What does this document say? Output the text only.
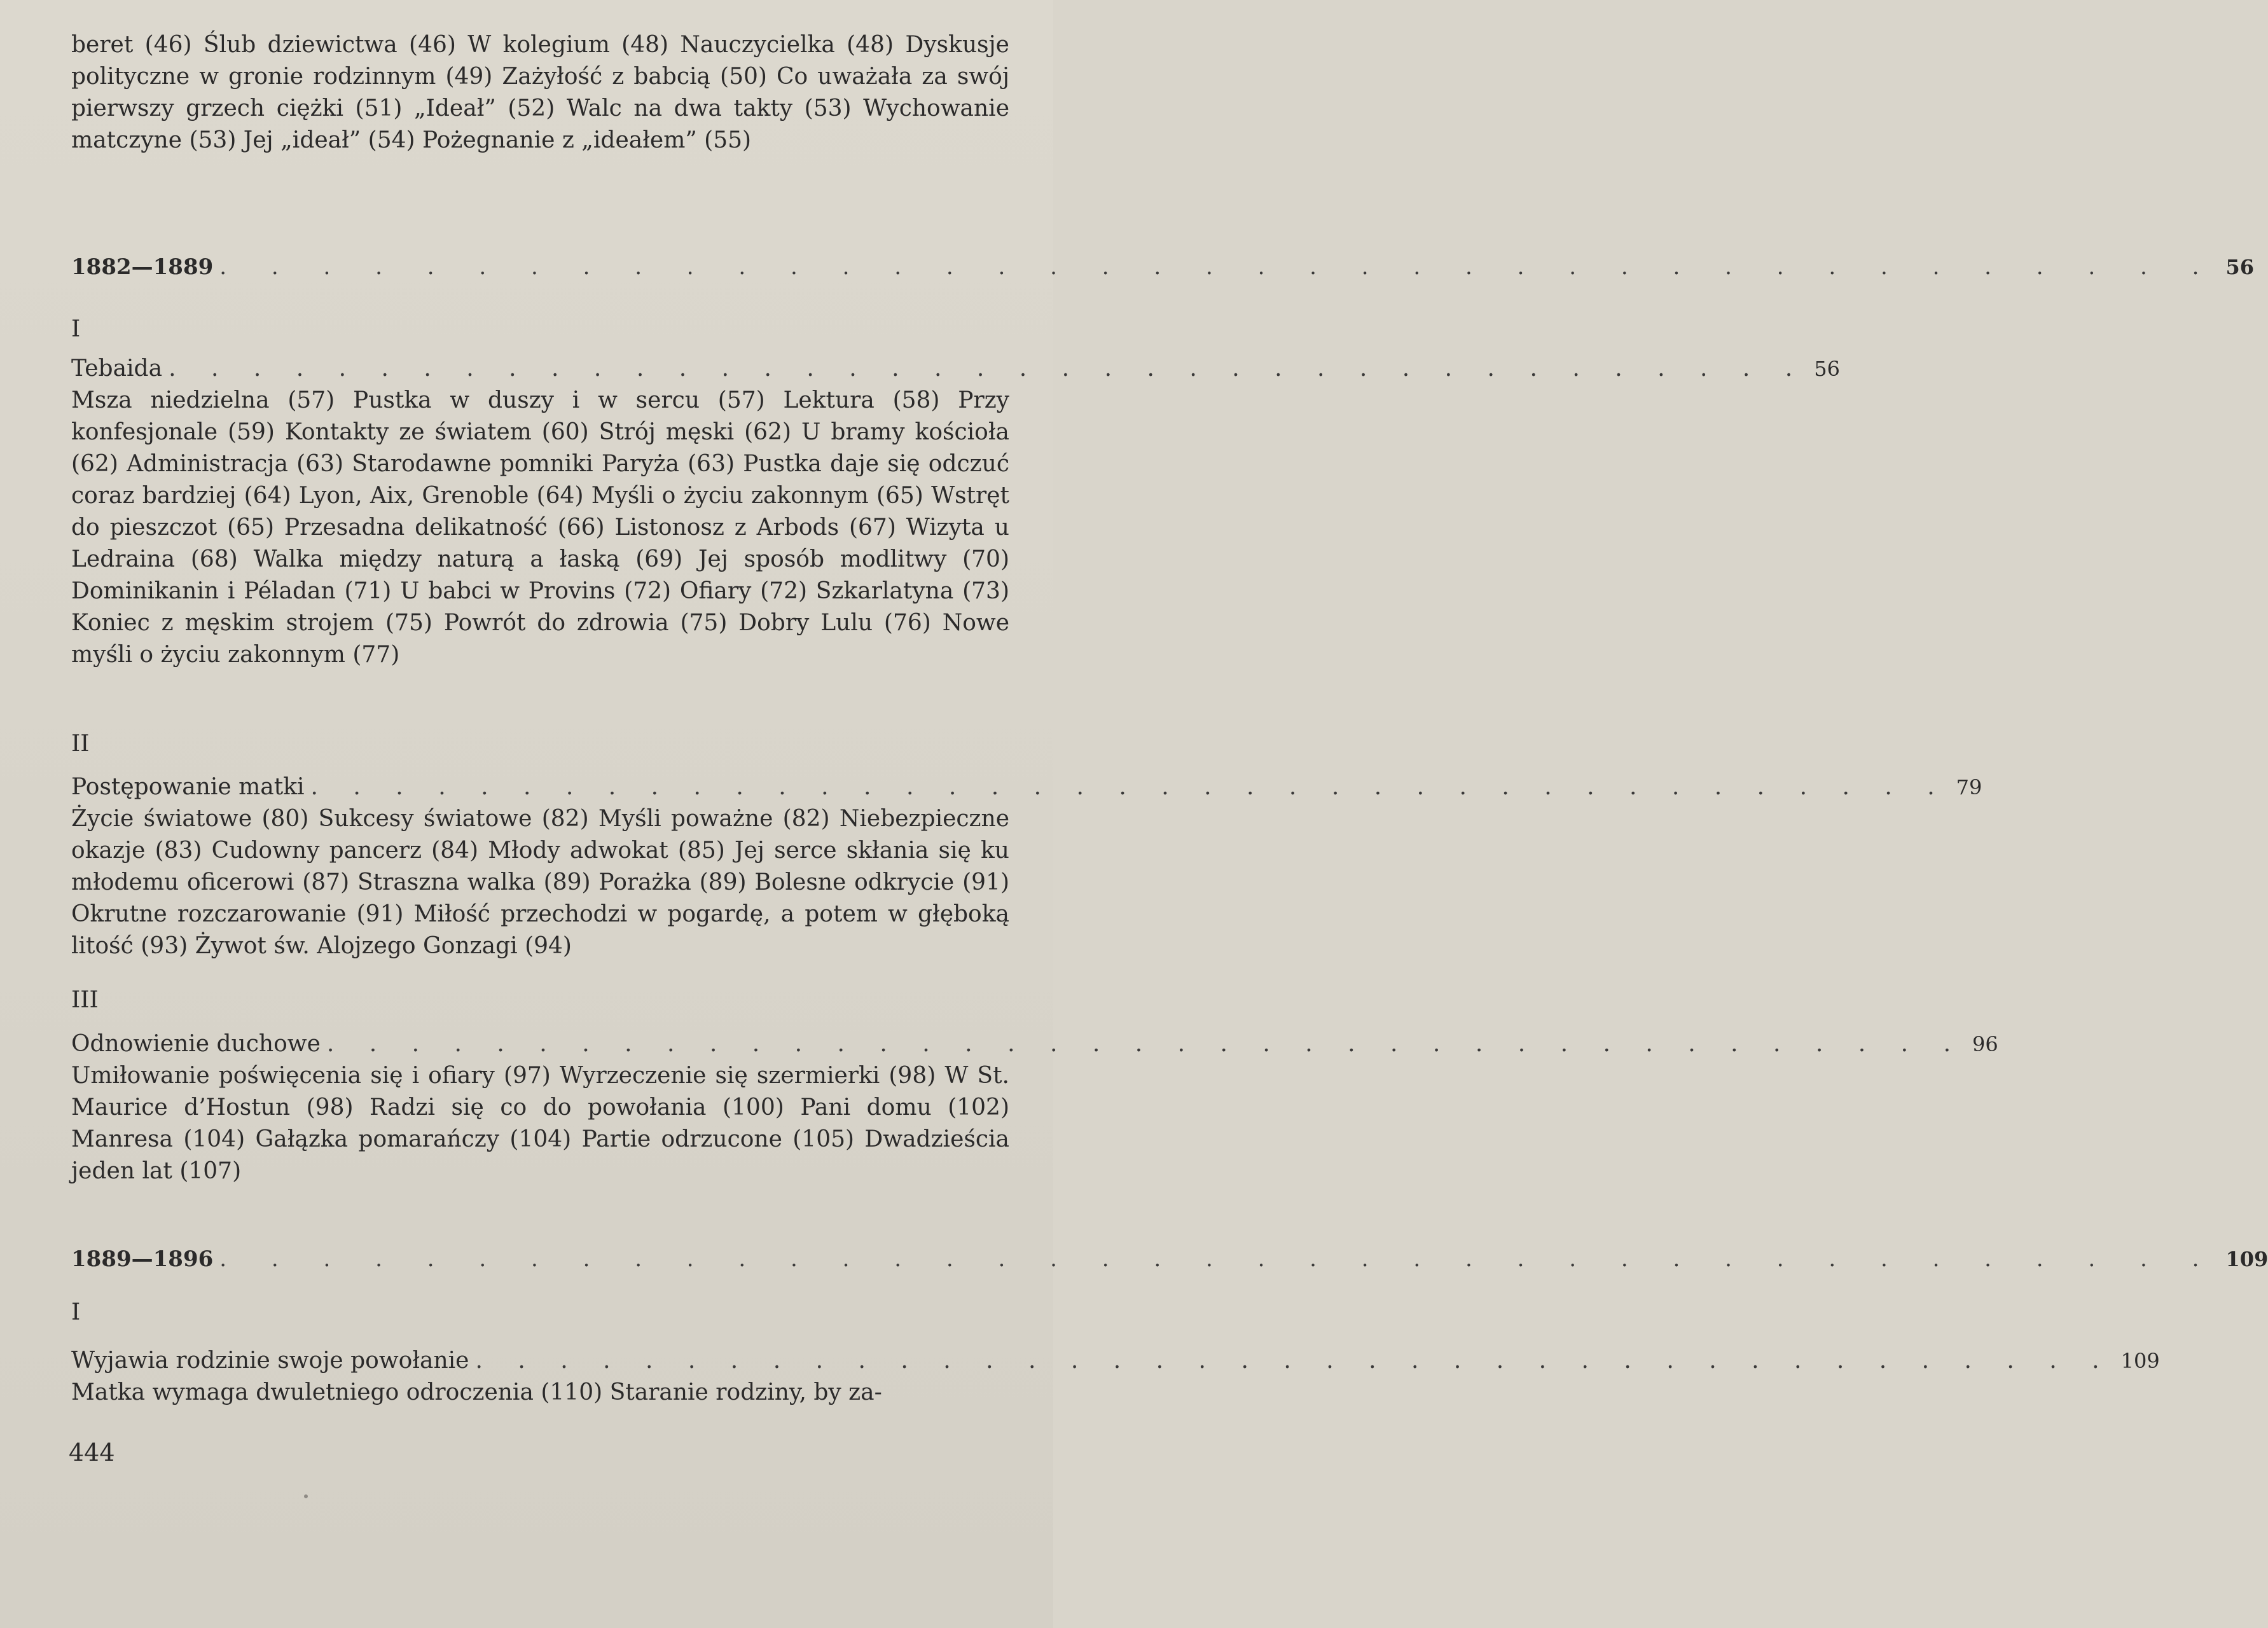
beret (46) Ślub dziewictwa (46) W kolegium (48) Nauczycielka (48) Dyskusje polityczne w gronie rodzinnym (49) Zażyłość z babcią (50) Co uważała za swój pierwszy grzech ciężki (51) „Ideał” (52) Walc na dwa takty (53) Wychowanie matczyne (53) Jej „ideał” (54) Pożegnanie z „ideałem” (55)

1882—1889 . . . . . . . . . . . . . . . . . . . . . . . . . . . . . . . . . . . . . . . 56
I
Tebaida . . . . . . . . . . . . . . . . . . . . . . . . . . . . . . . . . . . . . . . 56

Msza niedzielna (57) Pustka w duszy i w sercu (57) Lektura (58) Przy konfesjonale (59) Kontakty ze światem (60) Strój męski (62) U bramy kościoła (62) Administracja (63) Starodawne pomniki Paryża (63) Pustka daje się odczuć coraz bardziej (64) Lyon, Aix, Grenoble (64) Myśli o życiu zakonnym (65) Wstręt do pieszczot (65) Przesadna delikatność (66) Listonosz z Arbods (67) Wizyta u Ledraina (68) Walka między naturą a łaską (69) Jej sposób modlitwy (70) Dominikanin i Péladan (71) U babci w Provins (72) Ofiary (72) Szkarlatyna (73) Koniec z męskim strojem (75) Powrót do zdrowia (75) Dobry Lulu (76) Nowe myśli o życiu zakonnym (77)

II
Postępowanie matki . . . . . . . . . . . . . . . . . . . . . . . . . . . . . . . . . . . . . . . 79

Życie światowe (80) Sukcesy światowe (82) Myśli poważne (82) Niebezpieczne okazje (83) Cudowny pancerz (84) Młody adwokat (85) Jej serce skłania się ku młodemu oficerowi (87) Straszna walka (89) Porażka (89) Bolesne odkrycie (91) Okrutne rozczarowanie (91) Miłość przechodzi w pogardę, a potem w głęboką litość (93) Żywot św. Alojzego Gonzagi (94)

III
Odnowienie duchowe . . . . . . . . . . . . . . . . . . . . . . . . . . . . . . . . . . . . . . . 96

Umiłowanie poświęcenia się i ofiary (97) Wyrzeczenie się szermierki (98) W St. Maurice d’Hostun (98) Radzi się co do powołania (100) Pani domu (102) Manresa (104) Gałązka pomarańczy (104) Partie odrzucone (105) Dwadzieścia jeden lat (107)

1889—1896 . . . . . . . . . . . . . . . . . . . . . . . . . . . . . . . . . . . . . . . 109
I
Wyjawia rodzinie swoje powołanie . . . . . . . . . . . . . . . . . . . . . . . . . . . . . . . . . . . . . . . 109

Matka wymaga dwuletniego odroczenia (110) Staranie rodziny, by za-

444
